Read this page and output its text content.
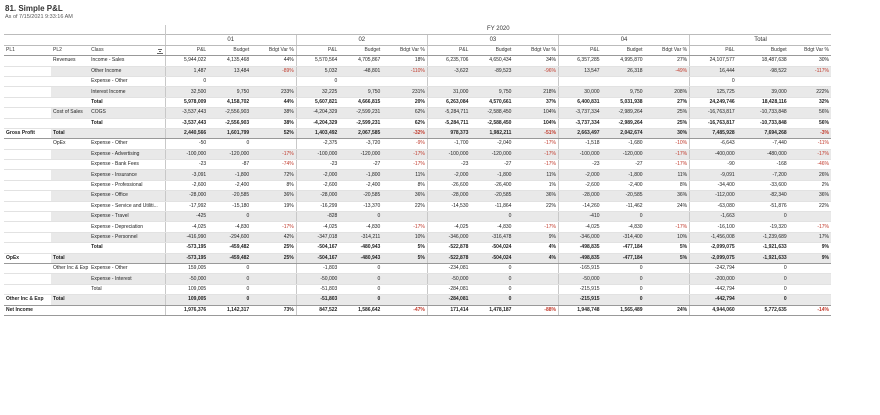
81. Simple P&L
As of 7/15/2021 9:33:16 AM
			FY 2020														
			01			02			03			04			Total		
PL1	PL2	Class	P&L	Budget	Bdgt Var %	P&L	Budget	Bdgt Var %	P&L	Budget	Bdgt Var %	P&L	Budget	Bdgt Var %	P&L	Budget	Bdgt Var %
	Revenues	Income - Sales	5,944,022	4,135,468	44%	5,570,564	4,705,867	18%	6,235,706	4,650,434	34%	6,357,285	4,995,870	27%	24,107,577	18,487,638	30%
		Other Income	1,487	13,484	-89%	5,032	-48,801	-110%	-3,622	-89,523	-96%	13,547	26,318	-49%	16,444	-98,522	-117%
		Expense - Other	0			0									0		
		Interest Income	32,500	9,750	233%	32,225	9,750	231%	31,000	9,750	218%	30,000	9,750	208%	125,725	39,000	222%
		Total	5,978,009	4,158,702	44%	5,607,821	4,666,815	20%	6,263,084	4,570,661	37%	6,400,831	5,031,938	27%	24,249,746	18,428,116	32%
	Cost of Sales	COGS	-3,537,443	-2,556,903	38%	-4,204,329	-2,599,231	62%	-5,284,711	-2,588,450	104%	-3,737,334	-2,989,264	25%	-16,763,817	-10,733,848	56%
		Total	-3,537,443	-2,556,903	38%	-4,204,329	-2,599,231	62%	-5,284,711	-2,588,450	104%	-3,737,334	-2,989,264	25%	-16,763,817	-10,733,848	56%
Gross Profit	Total		2,440,566	1,601,799	52%	1,403,492	2,067,585	-32%	978,373	1,982,211	-51%	2,663,497	2,042,674	30%	7,485,928	7,694,268	-3%
	OpEx	Expense - Other	-50	0		-2,375	-3,720	-9%	-1,700	-2,040	-17%	-1,518	-1,680	-10%	-6,643	-7,440	-11%
		Expense - Advertising	-100,000	-120,000	-17%	-100,000	-120,000	-17%	-100,000	-120,000	-17%	-100,000	-120,000	-17%	-400,000	-480,000	-17%
		Expense - Bank Fees	-23	-87	-74%	-23	-27	-17%	-23	-27	-17%	-23	-27	-17%	-90	-168	-46%
		Expense - Insurance	-3,091	-1,800	72%	-2,000	-1,800	11%	-2,000	-1,800	11%	-2,000	-1,800	11%	-9,091	-7,200	26%
		Expense - Professional	-2,600	-2,400	8%	-2,600	-2,400	8%	-26,600	-26,400	1%	-2,600	-2,400	8%	-34,400	-33,600	2%
		Expense - Office	-28,000	-20,585	36%	-28,000	-20,585	36%	-28,000	-20,585	36%	-28,000	-20,585	36%	-112,000	-82,340	36%
		Expense - Service and Utiliti...	-17,992	-15,180	19%	-16,299	-13,370	22%	-14,530	-11,864	22%	-14,260	-11,462	24%	-63,080	-51,876	22%
		Expense - Travel	-425	0		-828	0			0		-410	0		-1,663	0	
		Expense - Depreciation	-4,025	-4,830	-17%	-4,025	-4,830	-17%	-4,025	-4,830	-17%	-4,025	-4,830	-17%	-16,100	-19,320	-17%
		Expense - Personnel	-416,990	-294,600	42%	-347,018	-314,211	10%	-346,000	-316,478	9%	-346,000	-314,400	10%	-1,456,008	-1,239,689	17%
		Total	-573,195	-459,482	25%	-504,167	-480,943	5%	-522,878	-504,024	4%	-498,835	-477,184	5%	-2,099,075	-1,921,633	9%
OpEx	Total		-573,195	-459,482	25%	-504,167	-480,943	5%	-522,878	-504,024	4%	-498,835	-477,184	5%	-2,099,075	-1,921,633	9%
	Other Inc & Exp	Expense - Other	159,005	0		-1,803	0		-234,081	0		-165,915	0		-242,794	0	
		Expense - Interest	-50,000	0		-50,000	0		-50,000	0		-50,000	0		-200,000	0	
		Total	109,005	0		-51,803	0		-284,081	0		-215,915	0		-442,794	0	
Other Inc & Exp	Total		109,005	0		-51,803	0		-284,081	0		-215,915	0		-442,794	0	
Net Income			1,976,376	1,142,317	73%	847,522	1,586,642	-47%	171,414	1,478,187	-88%	1,948,748	1,565,489	24%	4,944,060	5,772,635	-14%
